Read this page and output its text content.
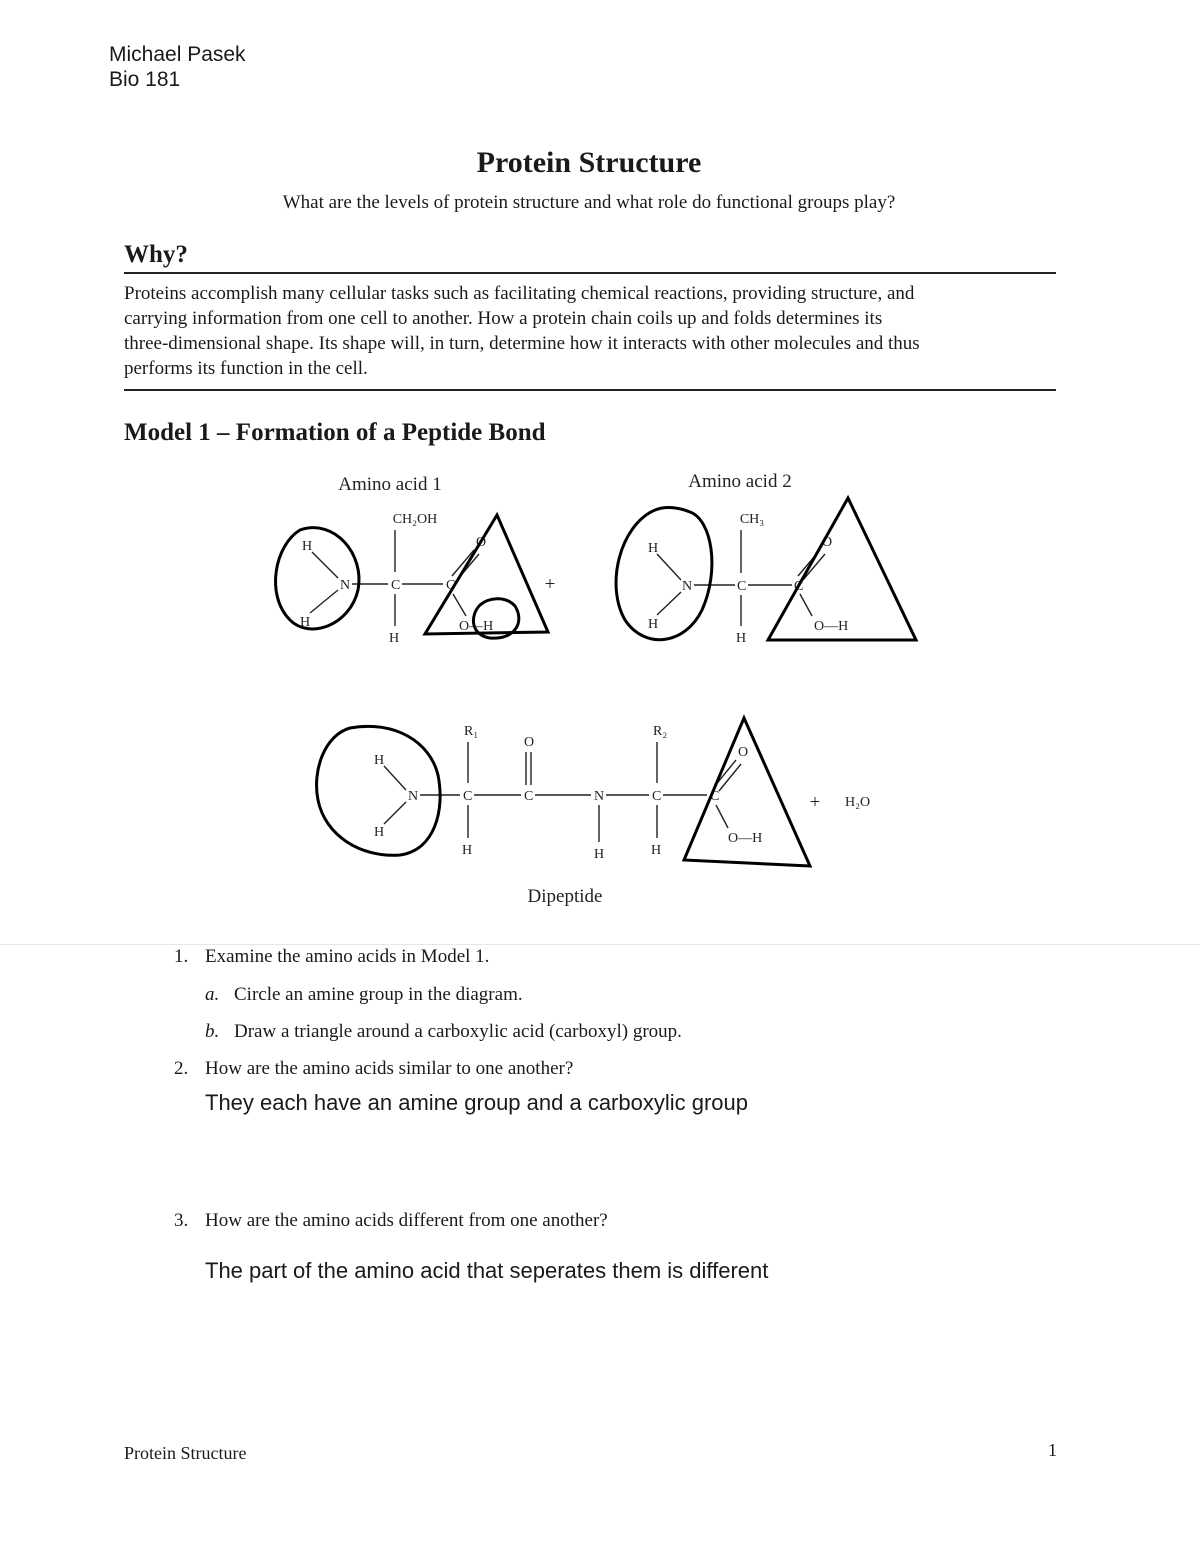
Michael Pasek
Bio 181
Protein Structure
What are the levels of protein structure and what role do functional groups play?
Why?
Proteins accomplish many cellular tasks such as facilitating chemical reactions, providing structure, and
carrying information from one cell to another. How a protein chain coils up and folds determines its
three-dimensional shape. Its shape will, in turn, determine how it interacts with other molecules and thus
performs its function in the cell.
Model 1 – Formation of a Peptide Bond
Amino acid 1
CH₂OH
H
H
N	C
H
C
O
O—H
+
Amino acid 2
CH₃
H
H
N	C
H
C
O
O—H
R₁	R₂
H
H
N	C
H
C
O
N
H
C
H
C
O
O—H
+ H₂O
Dipeptide
1. Examine the amino acids in Model 1.
a. Circle an amine group in the diagram.
b. Draw a triangle around a carboxylic acid (carboxyl) group.
2. How are the amino acids similar to one another?
They each have an amine group and a carboxylic group
3. How are the amino acids different from one another?
The part of the amino acid that seperates them is different
Protein Structure	1
